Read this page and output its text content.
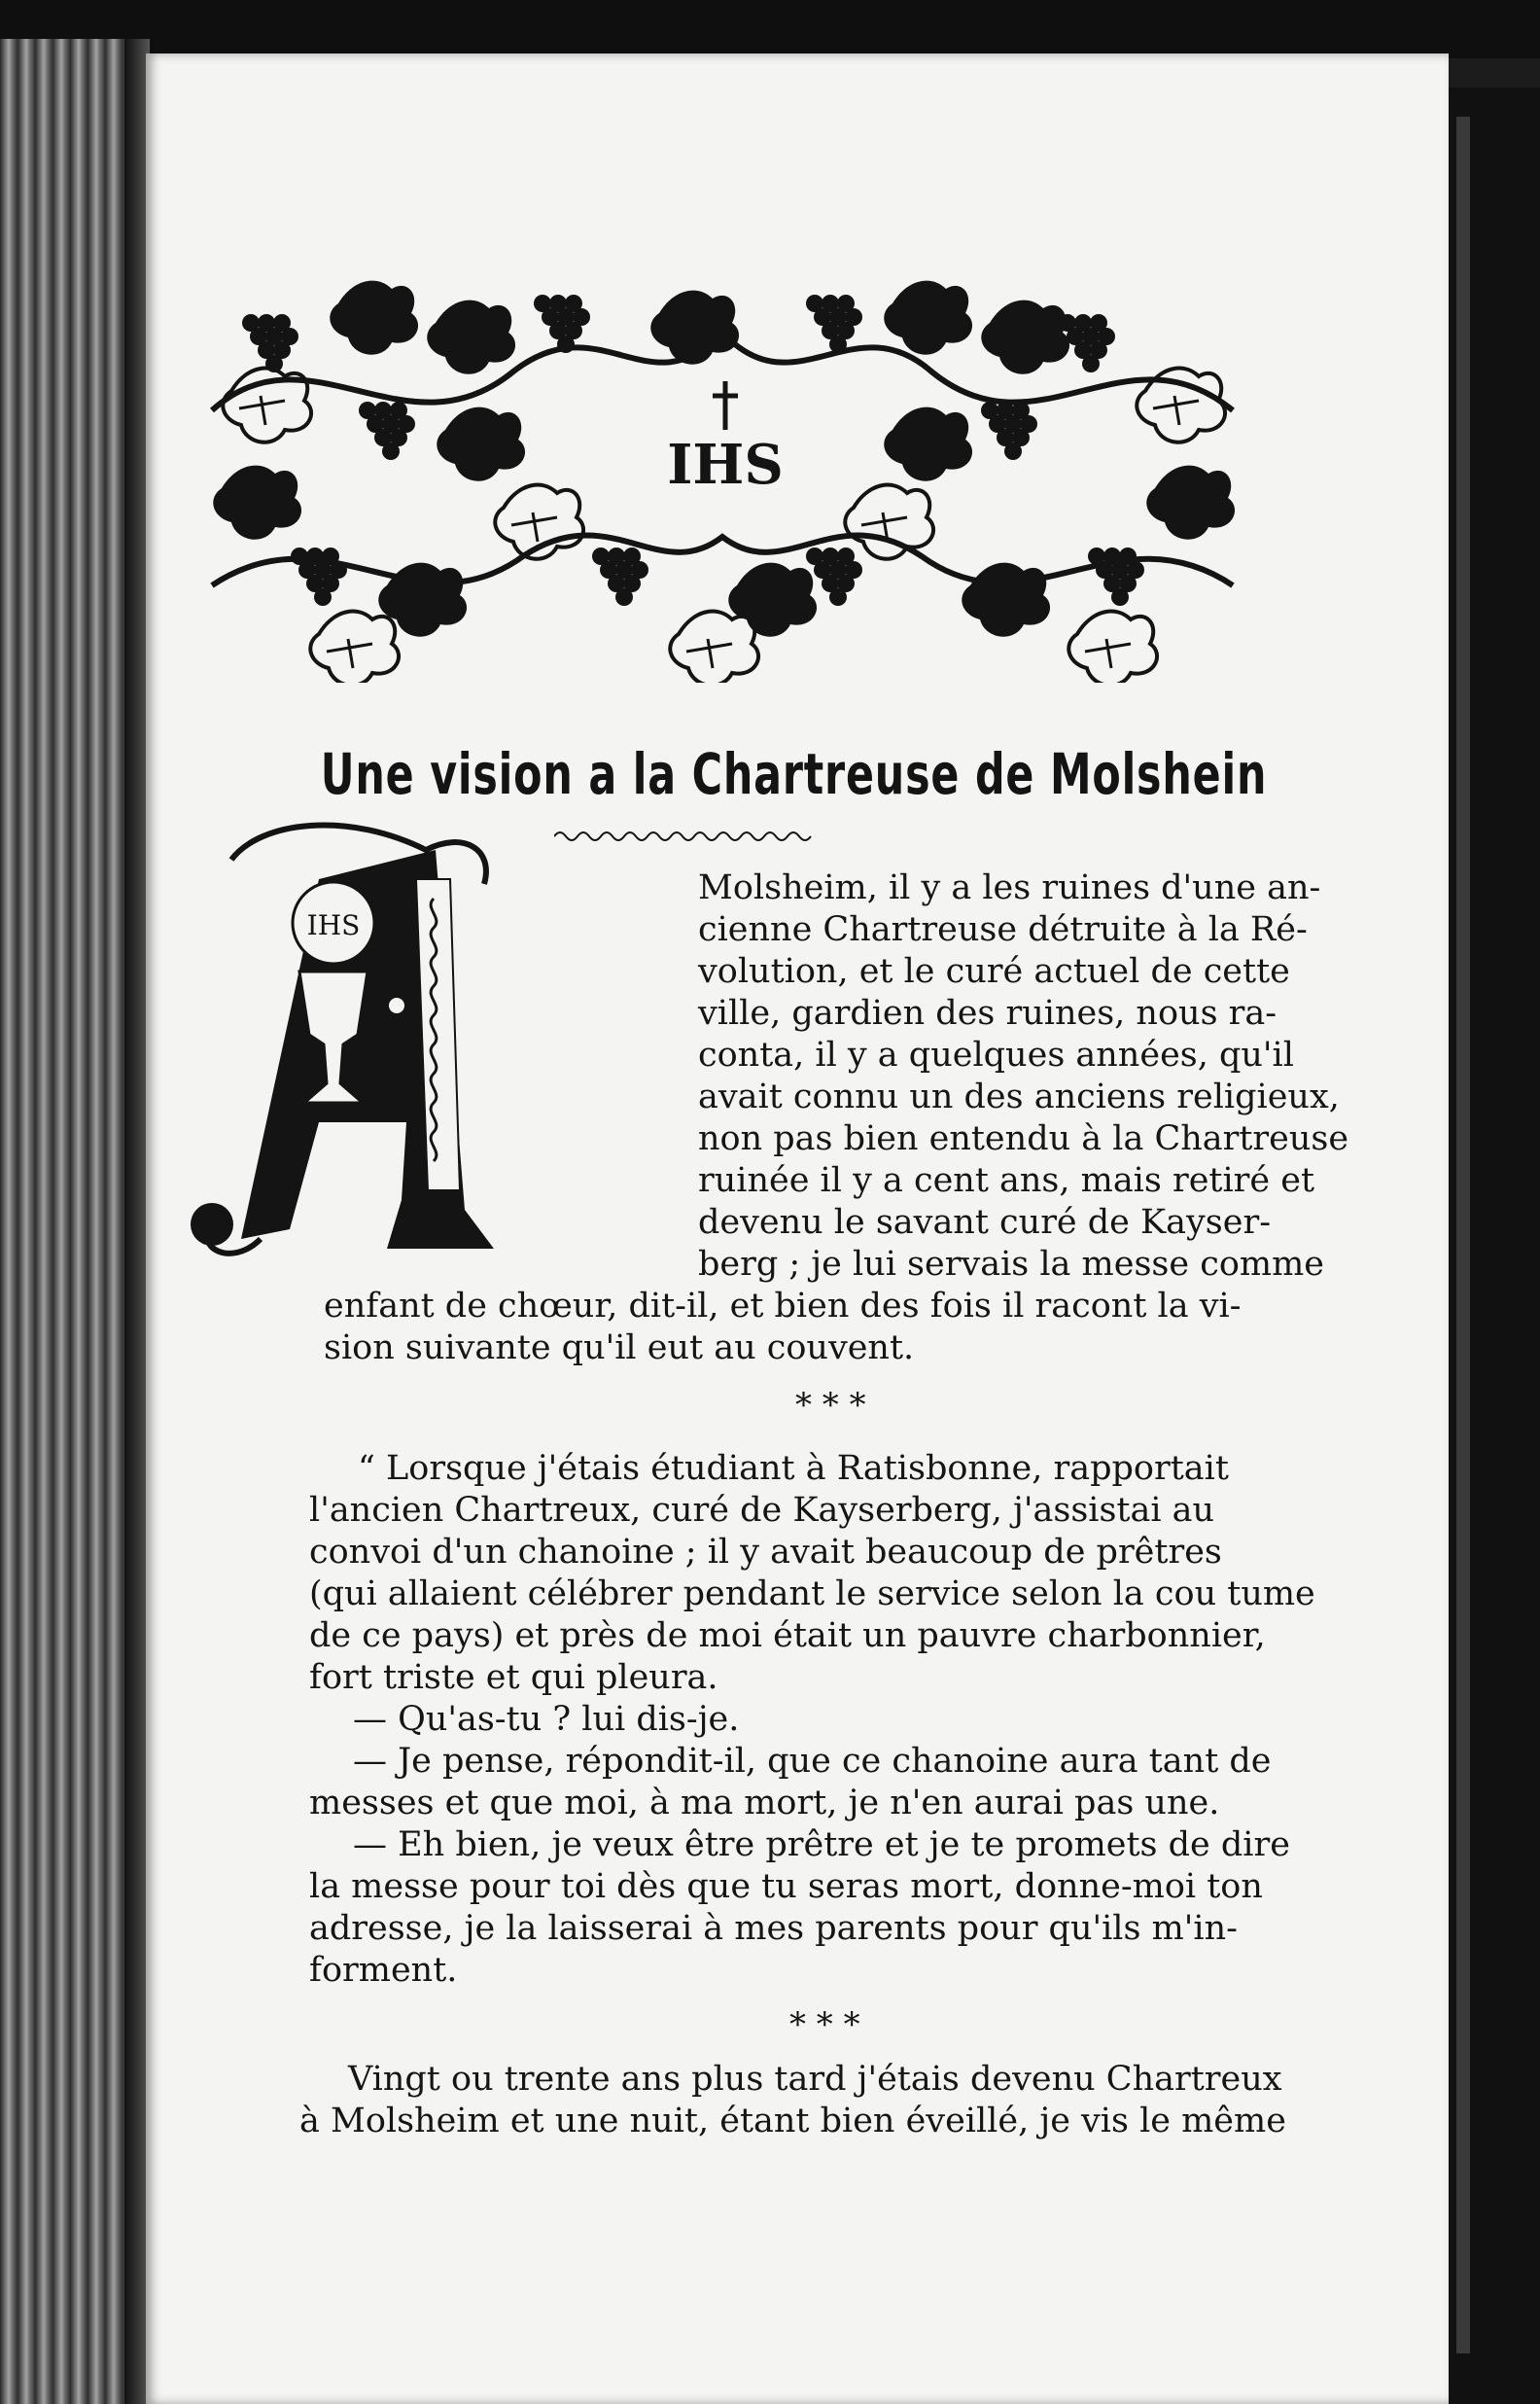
IHS
Une vision a la Chartreuse de Molshein
IHS
Molsheim, il y a les ruines d'une an-
cienne Chartreuse détruite à la Ré-
volution, et le curé actuel de cette
ville, gardien des ruines, nous ra-
conta, il y a quelques années, qu'il
avait connu un des anciens religieux,
non pas bien entendu à la Chartreuse
ruinée il y a cent ans, mais retiré et
devenu le savant curé de Kayser-
berg ; je lui servais la messe comme
enfant de chœur, dit-il, et bien des fois il racont la vi-
sion suivante qu'il eut au couvent.
* * *
“ Lorsque j'étais étudiant à Ratisbonne, rapportait
l'ancien Chartreux, curé de Kayserberg, j'assistai au
convoi d'un chanoine ; il y avait beaucoup de prêtres
(qui allaient célébrer pendant le service selon la cou tume
de ce pays) et près de moi était un pauvre charbonnier,
fort triste et qui pleura.
— Qu'as-tu ? lui dis-je.
— Je pense, répondit-il, que ce chanoine aura tant de
messes et que moi, à ma mort, je n'en aurai pas une.
— Eh bien, je veux être prêtre et je te promets de dire
la messe pour toi dès que tu seras mort, donne-moi ton
adresse, je la laisserai à mes parents pour qu'ils m'in-
forment.
* * *
Vingt ou trente ans plus tard j'étais devenu Chartreux
à Molsheim et une nuit, étant bien éveillé, je vis le même
